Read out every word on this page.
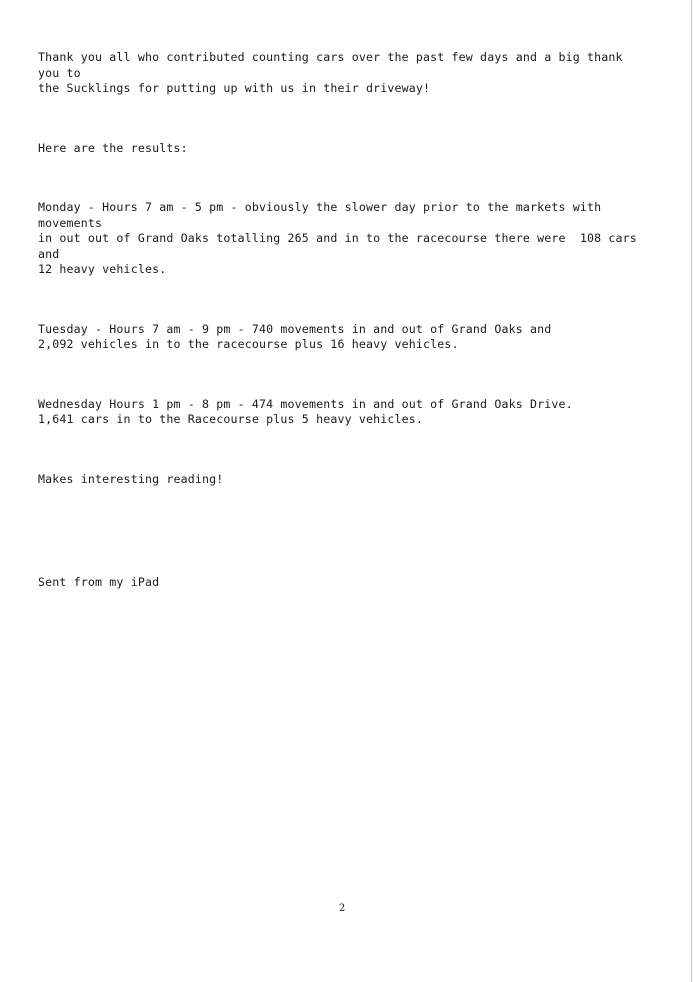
Thank you all who contributed counting cars over the past few days and a big thank you to
the Sucklings for putting up with us in their driveway!

Here are the results:

Monday - Hours 7 am - 5 pm - obviously the slower day prior to the markets with movements
in out out of Grand Oaks totalling 265 and in to the racecourse there were  108 cars and
12 heavy vehicles.

Tuesday - Hours 7 am - 9 pm - 740 movements in and out of Grand Oaks and
2,092 vehicles in to the racecourse plus 16 heavy vehicles.

Wednesday Hours 1 pm - 8 pm - 474 movements in and out of Grand Oaks Drive.
1,641 cars in to the Racecourse plus 5 heavy vehicles.

Makes interesting reading!

Sent from my iPad

2
